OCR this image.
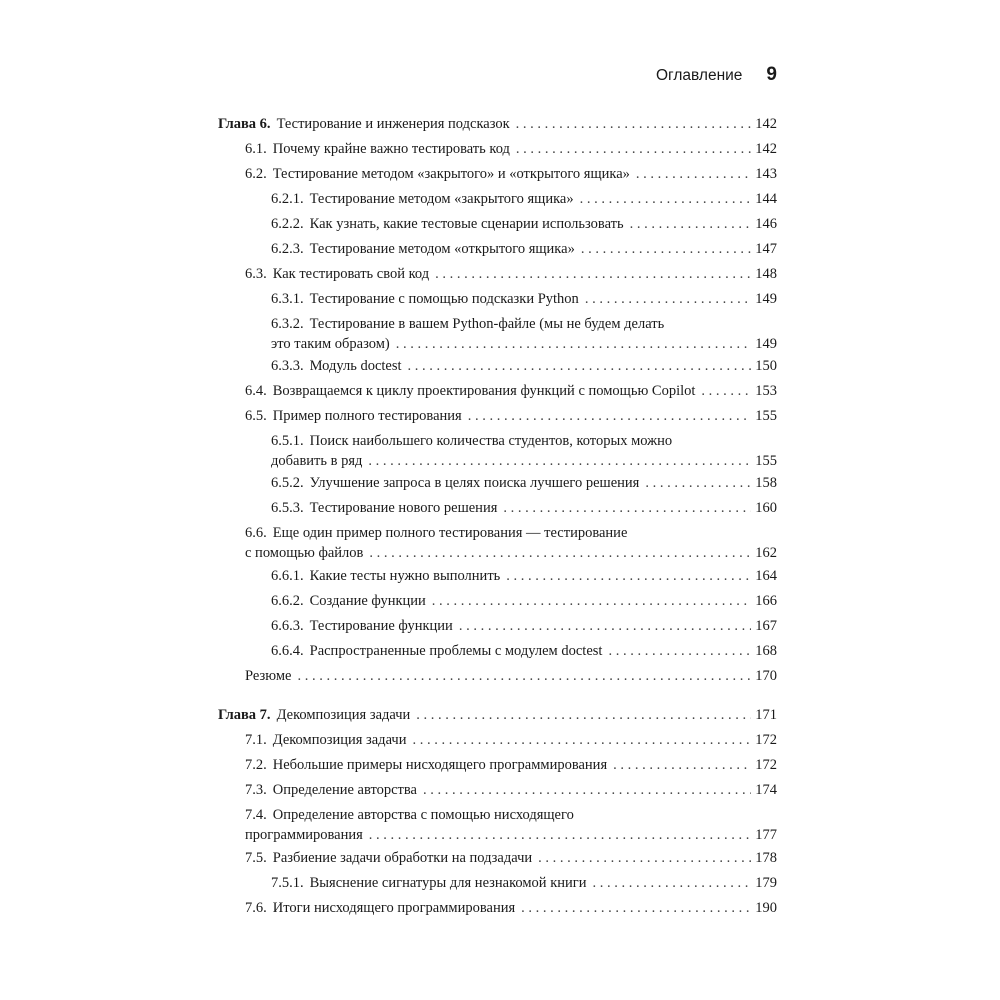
Оглавление 9
Глава 6. Тестирование и инженерия подсказок . . .	142
6.1. Почему крайне важно тестировать код . . .	142
6.2. Тестирование методом «закрытого» и «открытого ящика» . . .	143
6.2.1. Тестирование методом «закрытого ящика» . . .	144
6.2.2. Как узнать, какие тестовые сценарии использовать . . .	146
6.2.3. Тестирование методом «открытого ящика» . . .	147
6.3. Как тестировать свой код . . .	148
6.3.1. Тестирование с помощью подсказки Python . . .	149
6.3.2. Тестирование в вашем Python-файле (мы не будем делать
это таким образом) . . .	149
6.3.3. Модуль doctest . . .	150
6.4. Возвращаемся к циклу проектирования функций с помощью Copilot . . .	153
6.5. Пример полного тестирования . . .	155
6.5.1. Поиск наибольшего количества студентов, которых можно
добавить в ряд . . .	155
6.5.2. Улучшение запроса в целях поиска лучшего решения . . .	158
6.5.3. Тестирование нового решения . . .	160
6.6. Еще один пример полного тестирования — тестирование
с помощью файлов . . .	162
6.6.1. Какие тесты нужно выполнить . . .	164
6.6.2. Создание функции . . .	166
6.6.3. Тестирование функции . . .	167
6.6.4. Распространенные проблемы с модулем doctest . . .	168
Резюме . . .	170
Глава 7. Декомпозиция задачи . . .	171
7.1. Декомпозиция задачи . . .	172
7.2. Небольшие примеры нисходящего программирования . . .	172
7.3. Определение авторства . . .	174
7.4. Определение авторства с помощью нисходящего
программирования . . .	177
7.5. Разбиение задачи обработки на подзадачи . . .	178
7.5.1. Выяснение сигнатуры для незнакомой книги . . .	179
7.6. Итоги нисходящего программирования . . .	190
